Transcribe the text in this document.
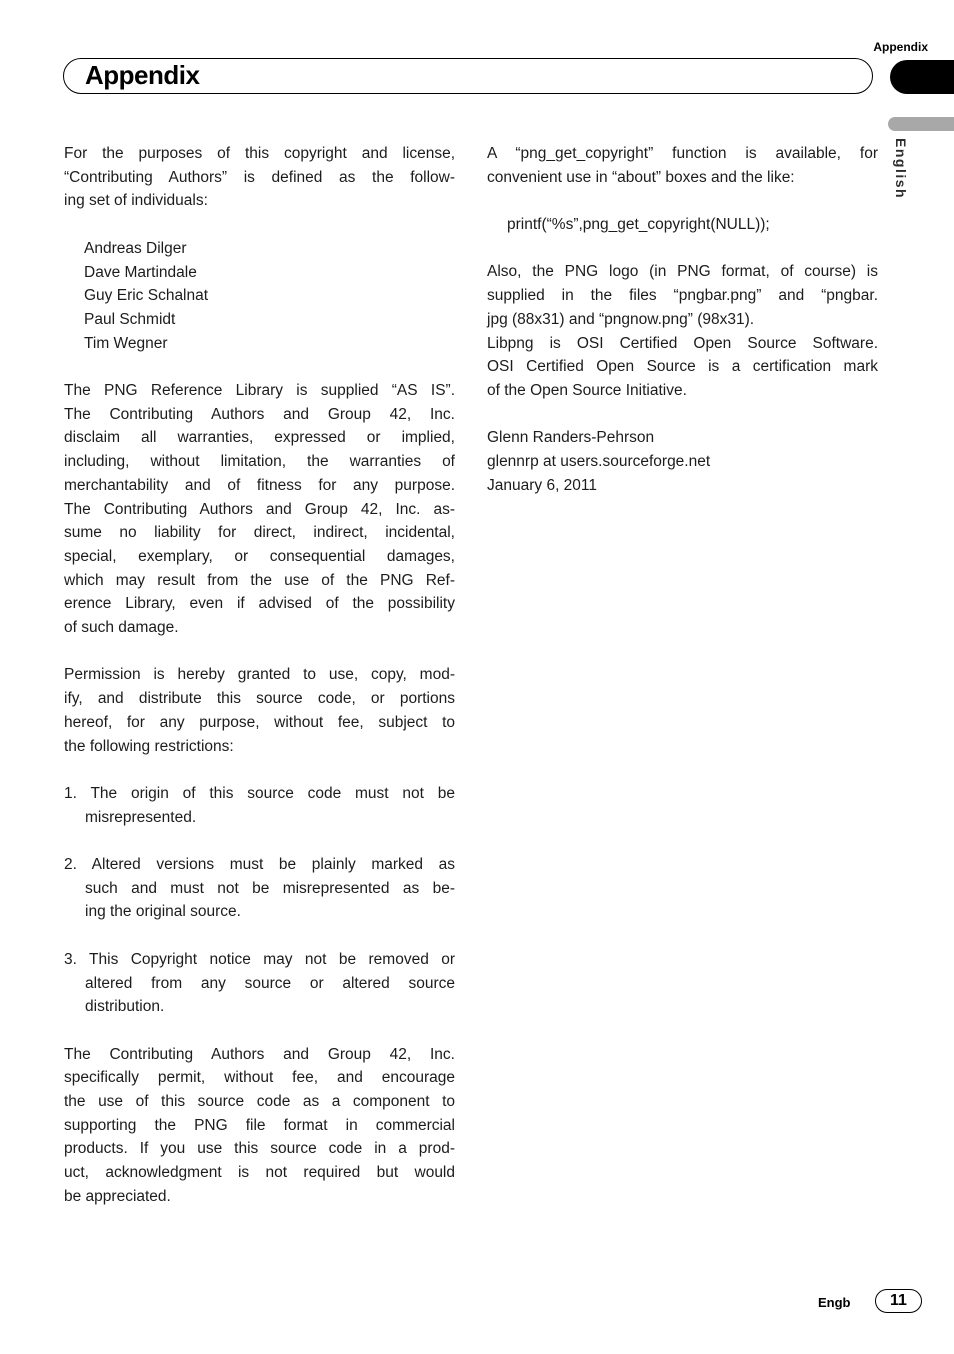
Appendix
Appendix
English
For the purposes of this copyright and license,
“Contributing Authors” is defined as the follow-
ing set of individuals:
Andreas Dilger
Dave Martindale
Guy Eric Schalnat
Paul Schmidt
Tim Wegner
The PNG Reference Library is supplied “AS IS”.
The Contributing Authors and Group 42, Inc.
disclaim all warranties, expressed or implied,
including, without limitation, the warranties of
merchantability and of fitness for any purpose.
The Contributing Authors and Group 42, Inc. as-
sume no liability for direct, indirect, incidental,
special, exemplary, or consequential damages,
which may result from the use of the PNG Ref-
erence Library, even if advised of the possibility
of such damage.
Permission is hereby granted to use, copy, mod-
ify, and distribute this source code, or portions
hereof, for any purpose, without fee, subject to
the following restrictions:
1. The origin of this source code must not be
misrepresented.
2. Altered versions must be plainly marked as
such and must not be misrepresented as be-
ing the original source.
3. This Copyright notice may not be removed or
altered from any source or altered source
distribution.
The Contributing Authors and Group 42, Inc.
specifically permit, without fee, and encourage
the use of this source code as a component to
supporting the PNG file format in commercial
products. If you use this source code in a prod-
uct, acknowledgment is not required but would
be appreciated.
A “png_get_copyright” function is available, for
convenient use in “about” boxes and the like:
printf(“%s”,png_get_copyright(NULL));
Also, the PNG logo (in PNG format, of course) is
supplied in the files “pngbar.png” and “pngbar.
jpg (88x31) and “pngnow.png” (98x31).
Libpng is OSI Certified Open Source Software.
OSI Certified Open Source is a certification mark
of the Open Source Initiative.
Glenn Randers-Pehrson
glennrp at users.sourceforge.net
January 6, 2011
Engb	11
